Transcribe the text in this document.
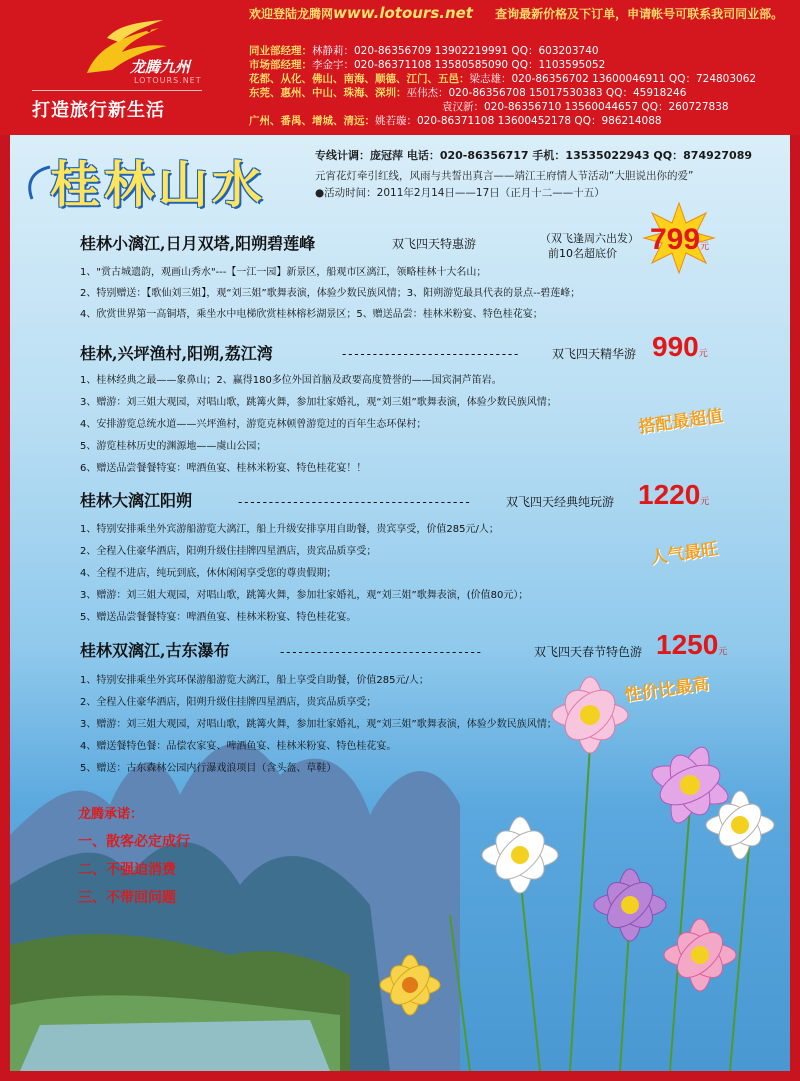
龙腾九州
LOTOURS.NET
打造旅行新生活
欢迎登陆龙腾网www.lotours.net 查询最新价格及下订单，申请帐号可联系我司同业部。
同业部经理：林静莉：020-86356709 13902219991 QQ：603203740
市场部经理：李金宇：020-86371108 13580585090 QQ：1103595052
花都、从化、佛山、南海、顺德、江门、五邑：梁志雄：020-86356702 13600046911 QQ：724803062
东莞、惠州、中山、珠海、深圳：巫伟杰：020-86356708 15017530383 QQ：45918246
袁汉新：020-86356710 13560044657 QQ：260727838
广州、番禺、增城、清远：姚若璇：020-86371108 13600452178 QQ：986214088
桂林山水	专线计调：庞冠萍 电话：020-86356717 手机：13535022943 QQ：874927089
元宵花灯牵引红线，风雨与共誓出真言——靖江王府情人节活动“大胆说出你的爱”
●活动时间：2011年2月14日——17日（正月十二——十五）
桂林小漓江,日月双塔,阳朔碧莲峰	双飞四天特惠游	（双飞逢周六出发）
前10名超底价 799元
1、"赏古城遗韵，观画山秀水"---【一江一园】新景区，船观市区漓江，领略桂林十大名山；
2、特别赠送：【歌仙刘三姐】，观“刘三姐”歌舞表演，体验少数民族风情；3、阳朔游览最具代表的景点--碧莲峰；
4、欣赏世界第一高铜塔，乘坐水中电梯欣赏桂林榕杉湖景区；5、赠送品尝：桂林米粉宴、特色桂花宴；
桂林,兴坪渔村,阳朔,荔江湾	- - - - - - - - - - - - - - - - - - - - - - - - - - - - -	双飞四天精华游 990元
1、桂林经典之最——象鼻山；2、赢得180多位外国首脑及政要高度赞誉的——国宾洞芦笛岩。
3、赠游：刘三姐大观园，对唱山歌，跳篝火舞，参加壮家婚礼，观“刘三姐”歌舞表演，体验少数民族风情；
4、安排游览总统水道——兴坪渔村，游览克林顿曾游览过的百年生态环保村；
5、游览桂林历史的渊源地——虞山公园；
6、赠送品尝餐餐特宴：啤酒鱼宴、桂林米粉宴、特色桂花宴！！
搭配最超值
桂林大漓江阳朔	- - - - - - - - - - - - - - - - - - - - - - - - - - - - - - - - - - - - - -	双飞四天经典纯玩游 1220元
1、特别安排乘坐外宾游船游览大漓江，船上升级安排享用自助餐，贵宾享受，价值285元/人；
2、全程入住豪华酒店，阳朔升级住挂牌四星酒店，贵宾品质享受；
4、全程不进店，纯玩到底，休休闲闲享受您的尊贵假期；
3、赠游：刘三姐大观园，对唱山歌，跳篝火舞，参加壮家婚礼，观“刘三姐”歌舞表演，(价值80元）；
5、赠送品尝餐餐特宴：啤酒鱼宴、桂林米粉宴、特色桂花宴。
人气最旺
桂林双漓江,古东瀑布	- - - - - - - - - - - - - - - - - - - - - - - - - - - - - - - - -	双飞四天春节特色游 1250元
1、特别安排乘坐外宾环保游船游览大漓江，船上享受自助餐，价值285元/人；
2、全程入住豪华酒店，阳朔升级住挂牌四星酒店，贵宾品质享受；
3、赠游：刘三姐大观园，对唱山歌，跳篝火舞，参加壮家婚礼，观“刘三姐”歌舞表演，体验少数民族风情；
4、赠送餐特色餐：品偿农家宴、啤酒鱼宴、桂林米粉宴、特色桂花宴。
5、赠送：古东森林公园内行瀑戏浪项目（含头盔、草鞋）
性价比最高
龙腾承诺：
一、散客必定成行
二、不强迫消费
三、不带回问题
